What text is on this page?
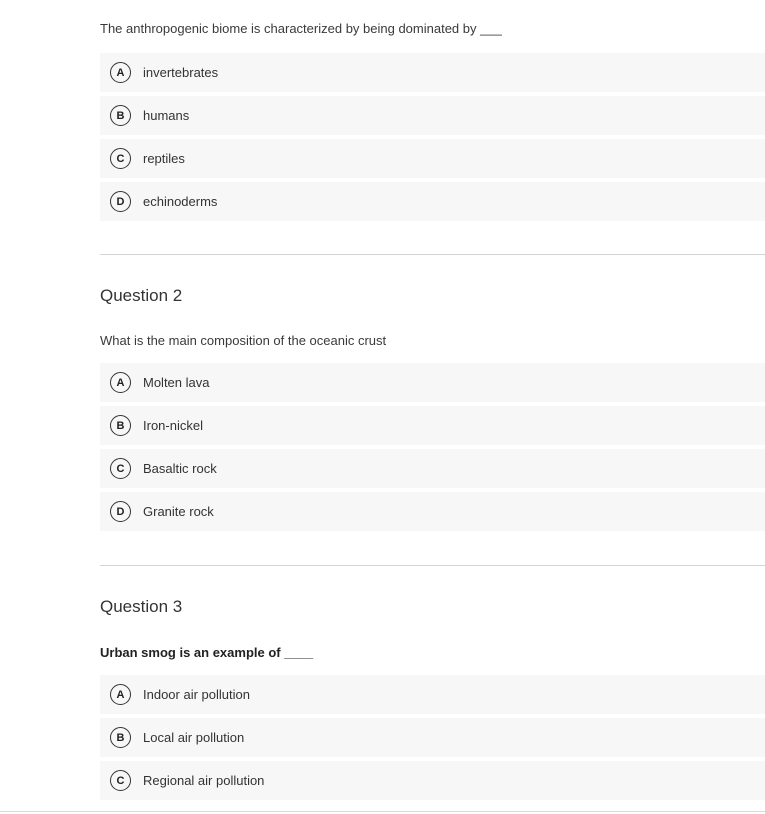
The anthropogenic biome is characterized by being dominated by ___

A	invertebrates
B	humans
C	reptiles
D	echinoderms
Question 2

What is the main composition of the oceanic crust

A	Molten lava
B	Iron-nickel
C	Basaltic rock
D	Granite rock
Question 3

Urban smog is an example of ____

A	Indoor air pollution
B	Local air pollution
C	Regional air pollution
